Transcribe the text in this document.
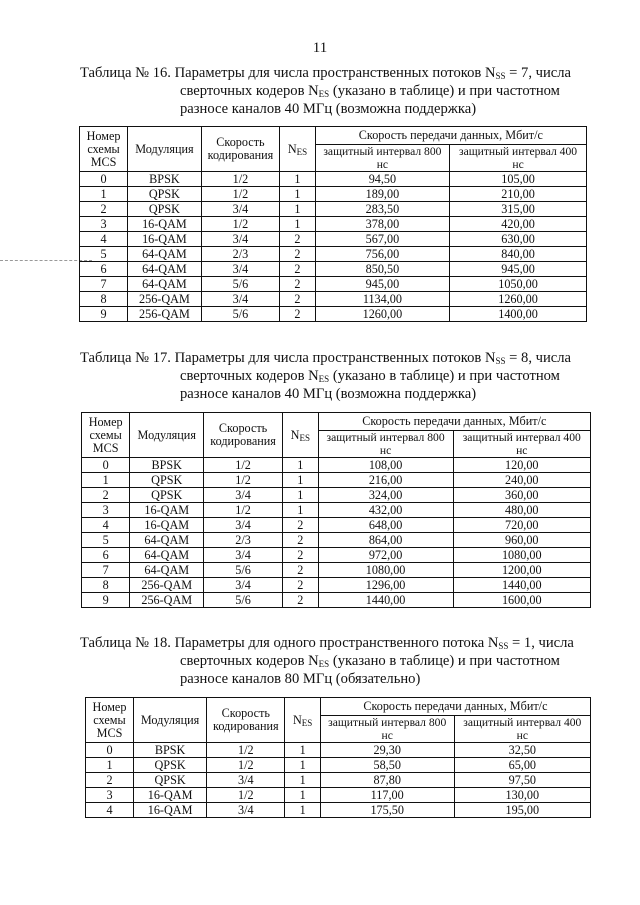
11
Таблица № 16. Параметры для числа пространственных потоков $N_{SS} = 7$, числа
сверточных кодеров $N_{ES}$ (указано в таблице) и при частотном
разносе каналов 40 МГц (возможна поддержка)
Номер схемы MCS	Модуляция	Скорость кодирования	$N_{ES}$	Скорость передачи данных, Мбит/с	
				защитный интервал 800 нс	защитный интервал 400 нс
0	BPSK	1/2	1	94,50	105,00
1	QPSK	1/2	1	189,00	210,00
2	QPSK	3/4	1	283,50	315,00
3	16-QAM	1/2	1	378,00	420,00
4	16-QAM	3/4	2	567,00	630,00
5	64-QAM	2/3	2	756,00	840,00
6	64-QAM	3/4	2	850,50	945,00
7	64-QAM	5/6	2	945,00	1050,00
8	256-QAM	3/4	2	1134,00	1260,00
9	256-QAM	5/6	2	1260,00	1400,00
Таблица № 17. Параметры для числа пространственных потоков $N_{SS} = 8$, числа
сверточных кодеров $N_{ES}$ (указано в таблице) и при частотном
разносе каналов 40 МГц (возможна поддержка)
Номер схемы MCS	Модуляция	Скорость кодирования	$N_{ES}$	Скорость передачи данных, Мбит/с	
				защитный интервал 800 нс	защитный интервал 400 нс
0	BPSK	1/2	1	108,00	120,00
1	QPSK	1/2	1	216,00	240,00
2	QPSK	3/4	1	324,00	360,00
3	16-QAM	1/2	1	432,00	480,00
4	16-QAM	3/4	2	648,00	720,00
5	64-QAM	2/3	2	864,00	960,00
6	64-QAM	3/4	2	972,00	1080,00
7	64-QAM	5/6	2	1080,00	1200,00
8	256-QAM	3/4	2	1296,00	1440,00
9	256-QAM	5/6	2	1440,00	1600,00
Таблица № 18. Параметры для одного пространственного потока $N_{SS} = 1$, числа
сверточных кодеров $N_{ES}$ (указано в таблице) и при частотном
разносе каналов 80 МГц (обязательно)
Номер схемы MCS	Модуляция	Скорость кодирования	$N_{ES}$	Скорость передачи данных, Мбит/с	
				защитный интервал 800 нс	защитный интервал 400 нс
0	BPSK	1/2	1	29,30	32,50
1	QPSK	1/2	1	58,50	65,00
2	QPSK	3/4	1	87,80	97,50
3	16-QAM	1/2	1	117,00	130,00
4	16-QAM	3/4	1	175,50	195,00
